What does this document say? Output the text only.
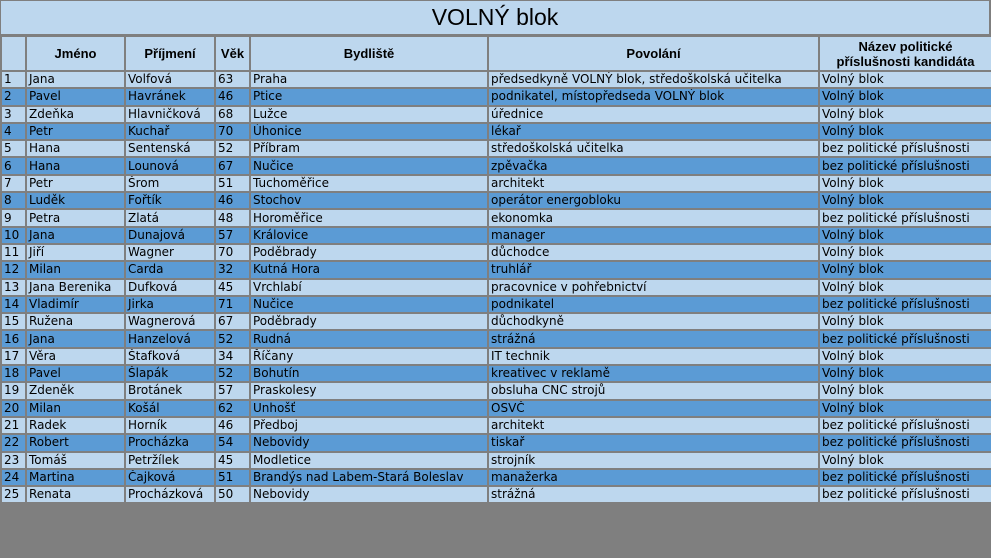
VOLNÝ blok
	Jméno	Příjmení	Věk	Bydliště	Povolání	Název politické příslušnosti kandidáta
1	Jana	Volfová	63	Praha	předsedkyně VOLNÝ blok, středoškolská učitelka	Volný blok
2	Pavel	Havránek	46	Ptice	podnikatel, místopředseda VOLNÝ blok	Volný blok
3	Zdeňka	Hlavničková	68	Lužce	úřednice	Volný blok
4	Petr	Kuchař	70	Úhonice	lékař	Volný blok
5	Hana	Sentenská	52	Příbram	středoškolská učitelka	bez politické příslušnosti
6	Hana	Lounová	67	Nučice	zpěvačka	bez politické příslušnosti
7	Petr	Šrom	51	Tuchoměřice	architekt	Volný blok
8	Luděk	Fořtík	46	Stochov	operátor energobloku	Volný blok
9	Petra	Zlatá	48	Horoměřice	ekonomka	bez politické příslušnosti
10	Jana	Dunajová	57	Královice	manager	Volný blok
11	Jiří	Wagner	70	Poděbrady	důchodce	Volný blok
12	Milan	Carda	32	Kutná Hora	truhlář	Volný blok
13	Jana Berenika	Dufková	45	Vrchlabí	pracovnice v pohřebnictví	Volný blok
14	Vladimír	Jirka	71	Nučice	podnikatel	bez politické příslušnosti
15	Ružena	Wagnerová	67	Poděbrady	důchodkyně	Volný blok
16	Jana	Hanzelová	52	Rudná	strážná	bez politické příslušnosti
17	Věra	Štafková	34	Říčany	IT technik	Volný blok
18	Pavel	Šlapák	52	Bohutín	kreativec v reklamě	Volný blok
19	Zdeněk	Brotánek	57	Praskolesy	obsluha CNC strojů	Volný blok
20	Milan	Košál	62	Unhošť	OSVČ	Volný blok
21	Radek	Horník	46	Předboj	architekt	bez politické příslušnosti
22	Robert	Procházka	54	Nebovidy	tiskař	bez politické příslušnosti
23	Tomáš	Petržílek	45	Modletice	strojník	Volný blok
24	Martina	Čajková	51	Brandýs nad Labem-Stará Boleslav	manažerka	bez politické příslušnosti
25	Renata	Procházková	50	Nebovidy	strážná	bez politické příslušnosti
